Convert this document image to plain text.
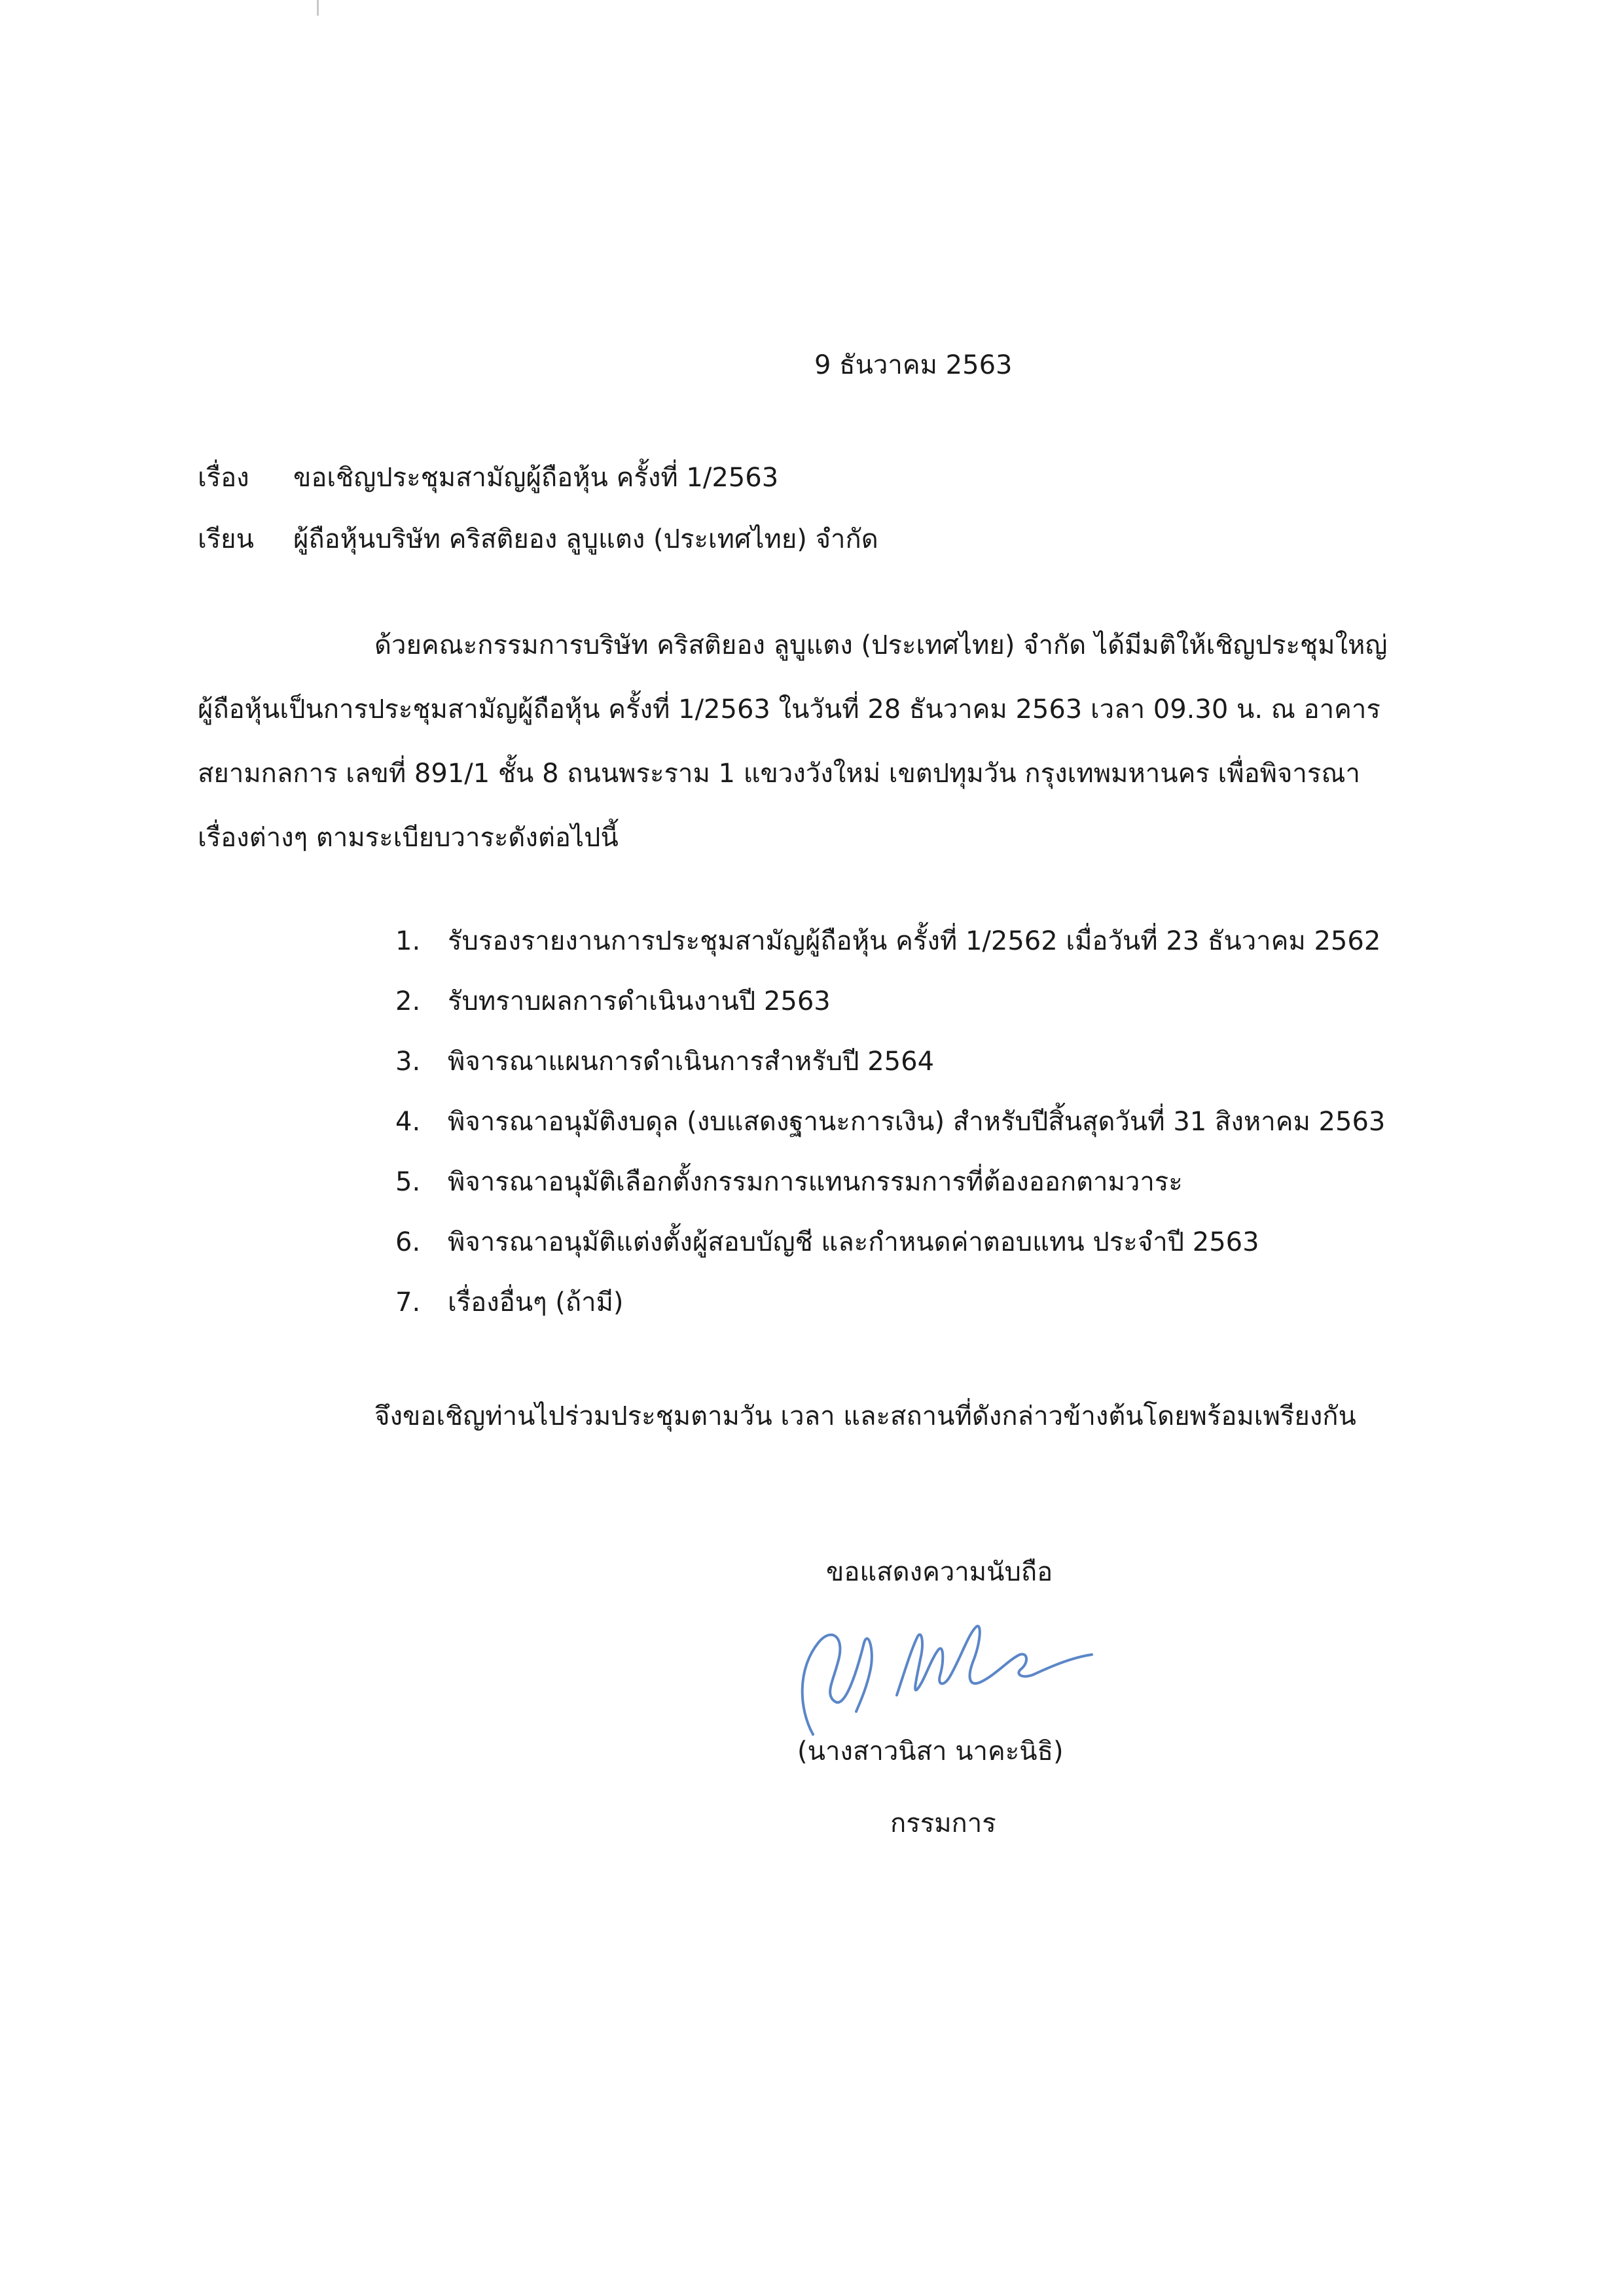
9 ธันวาคม 2563
เรื่อง ขอเชิญประชุมสามัญผู้ถือหุ้น ครั้งที่ 1/2563
เรียน ผู้ถือหุ้นบริษัท คริสติยอง ลูบูแตง (ประเทศไทย) จำกัด
ด้วยคณะกรรมการบริษัท คริสติยอง ลูบูแตง (ประเทศไทย) จำกัด ได้มีมติให้เชิญประชุมใหญ่
ผู้ถือหุ้นเป็นการประชุมสามัญผู้ถือหุ้น ครั้งที่ 1/2563 ในวันที่ 28 ธันวาคม 2563 เวลา 09.30 น. ณ อาคาร
สยามกลการ เลขที่ 891/1 ชั้น 8 ถนนพระราม 1 แขวงวังใหม่ เขตปทุมวัน กรุงเทพมหานคร เพื่อพิจารณา
เรื่องต่างๆ ตามระเบียบวาระดังต่อไปนี้
1. รับรองรายงานการประชุมสามัญผู้ถือหุ้น ครั้งที่ 1/2562 เมื่อวันที่ 23 ธันวาคม 2562
2. รับทราบผลการดำเนินงานปี 2563
3. พิจารณาแผนการดำเนินการสำหรับปี 2564
4. พิจารณาอนุมัติงบดุล (งบแสดงฐานะการเงิน) สำหรับปีสิ้นสุดวันที่ 31 สิงหาคม 2563
5. พิจารณาอนุมัติเลือกตั้งกรรมการแทนกรรมการที่ต้องออกตามวาระ
6. พิจารณาอนุมัติแต่งตั้งผู้สอบบัญชี และกำหนดค่าตอบแทน ประจำปี 2563
7. เรื่องอื่นๆ (ถ้ามี)
จึงขอเชิญท่านไปร่วมประชุมตามวัน เวลา และสถานที่ดังกล่าวข้างต้นโดยพร้อมเพรียงกัน
ขอแสดงความนับถือ
(นางสาวนิสา นาคะนิธิ)
กรรมการ
